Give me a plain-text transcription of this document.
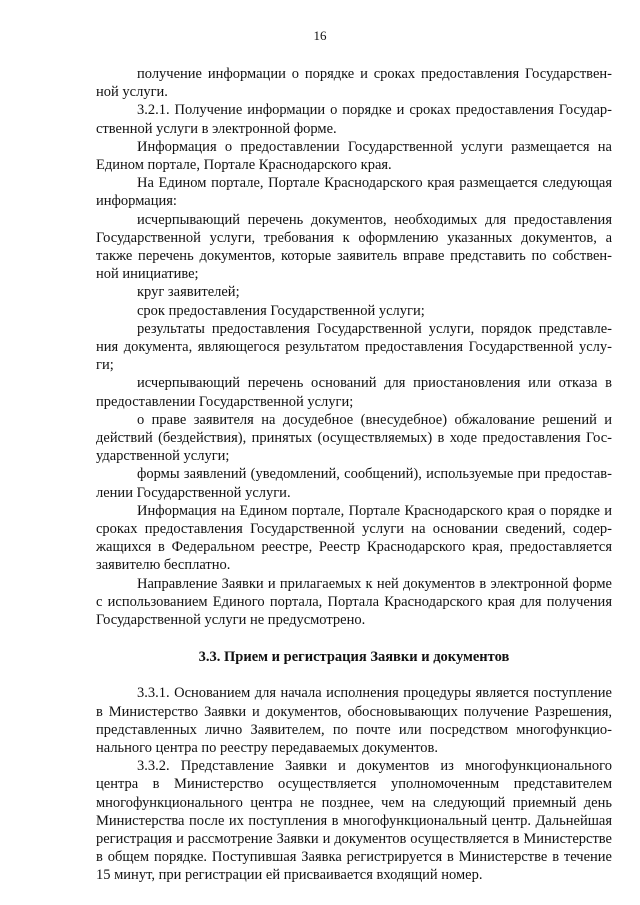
16

получение информации о порядке и сроках предоставления Государственной услуги.

3.2.1. Получение информации о порядке и сроках предоставления Государственной услуги в электронной форме.

Информация о предоставлении Государственной услуги размещается на Едином портале, Портале Краснодарского края.

На Едином портале, Портале Краснодарского края размещается следующая информация:

исчерпывающий перечень документов, необходимых для предоставления Государственной услуги, требования к оформлению указанных документов, а также перечень документов, которые заявитель вправе представить по собственной инициативе;

круг заявителей;

срок предоставления Государственной услуги;

результаты предоставления Государственной услуги, порядок представления документа, являющегося результатом предоставления Государственной услуги;

исчерпывающий перечень оснований для приостановления или отказа в предоставлении Государственной услуги;

о праве заявителя на досудебное (внесудебное) обжалование решений и действий (бездействия), принятых (осуществляемых) в ходе предоставления Государственной услуги;

формы заявлений (уведомлений, сообщений), используемые при предоставлении Государственной услуги.

Информация на Едином портале, Портале Краснодарского края о порядке и сроках предоставления Государственной услуги на основании сведений, содержащихся в Федеральном реестре, Реестр Краснодарского края, предоставляется заявителю бесплатно.

Направление Заявки и прилагаемых к ней документов в электронной форме с использованием Единого портала, Портала Краснодарского края для получения Государственной услуги не предусмотрено.

3.3. Прием и регистрация Заявки и документов

3.3.1. Основанием для начала исполнения процедуры является поступление в Министерство Заявки и документов, обосновывающих получение Разрешения, представленных лично Заявителем, по почте или посредством многофункционального центра по реестру передаваемых документов.

3.3.2. Представление Заявки и документов из многофункционального центра в Министерство осуществляется уполномоченным представителем многофункционального центра не позднее, чем на следующий приемный день Министерства после их поступления в многофункциональный центр. Дальнейшая регистрация и рассмотрение Заявки и документов осуществляется в Министерстве в общем порядке. Поступившая Заявка регистрируется в Министерстве в течение 15 минут, при регистрации ей присваивается входящий номер.
